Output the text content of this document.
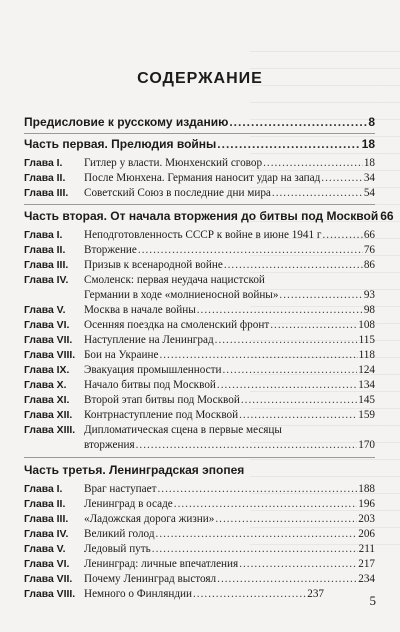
СОДЕРЖАНИЕ
Предисловие к русскому изданию .....	8
Часть первая. Прелюдия войны .....	18
Глава I.	Гитлер у власти. Мюнхенский сговор .....	18
Глава II.	После Мюнхена. Германия наносит удар на запад .....	34
Глава III.	Советский Союз в последние дни мира .....	54
Часть вторая. От начала вторжения до битвы под Москвой 66
Глава I.	Неподготовленность СССР к войне в июне 1941 г .....	66
Глава II.	Вторжение .....	76
Глава III.	Призыв к всенародной войне .....	86
Глава IV.	Смоленск: первая неудача нацистской
Германии в ходе «молниеносной войны» .....	93
Глава V.	Москва в начале войны .....	98
Глава VI.	Осенняя поездка на смоленский фронт .....	108
Глава VII.	Наступление на Ленинград .....	115
Глава VIII. Бои на Украине .....	118
Глава IX.	Эвакуация промышленности .....	124
Глава X.	Начало битвы под Москвой .....	134
Глава XI.	Второй этап битвы под Москвой .....	145
Глава XII.	Контрнаступление под Москвой .....	159
Глава XIII. Дипломатическая сцена в первые месяцы
вторжения .....	170
Часть третья. Ленинградская эпопея
Глава I.	Враг наступает .....	188
Глава II.	Ленинград в осаде .....	196
Глава III.	«Ладожская дорога жизни» .....	203
Глава IV.	Великий голод .....	206
Глава V.	Ледовый путь .....	211
Глава VI.	Ленинград: личные впечатления .....	217
Глава VII.	Почему Ленинград выстоял .....	234
Глава VIII. Немного о Финляндии .....	237	5
